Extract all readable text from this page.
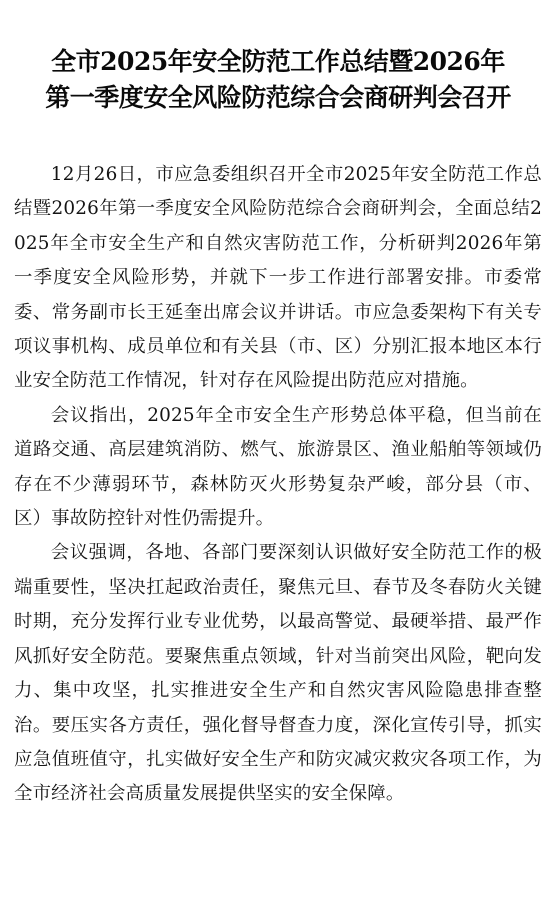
全市2025年安全防范工作总结暨2026年
第一季度安全风险防范综合会商研判会召开

12月26日，市应急委组织召开全市2025年安全防范工作总结暨2026年第一季度安全风险防范综合会商研判会，全面总结2025年全市安全生产和自然灾害防范工作，分析研判2026年第一季度安全风险形势，并就下一步工作进行部署安排。市委常委、常务副市长王延奎出席会议并讲话。市应急委架构下有关专项议事机构、成员单位和有关县（市、区）分别汇报本地区本行业安全防范工作情况，针对存在风险提出防范应对措施。

会议指出，2025年全市安全生产形势总体平稳，但当前在道路交通、高层建筑消防、燃气、旅游景区、渔业船舶等领域仍存在不少薄弱环节，森林防灭火形势复杂严峻，部分县（市、区）事故防控针对性仍需提升。

会议强调，各地、各部门要深刻认识做好安全防范工作的极端重要性，坚决扛起政治责任，聚焦元旦、春节及冬春防火关键时期，充分发挥行业专业优势，以最高警觉、最硬举措、最严作风抓好安全防范。要聚焦重点领域，针对当前突出风险，靶向发力、集中攻坚，扎实推进安全生产和自然灾害风险隐患排查整治。要压实各方责任，强化督导督查力度，深化宣传引导，抓实应急值班值守，扎实做好安全生产和防灾减灾救灾各项工作，为全市经济社会高质量发展提供坚实的安全保障。
